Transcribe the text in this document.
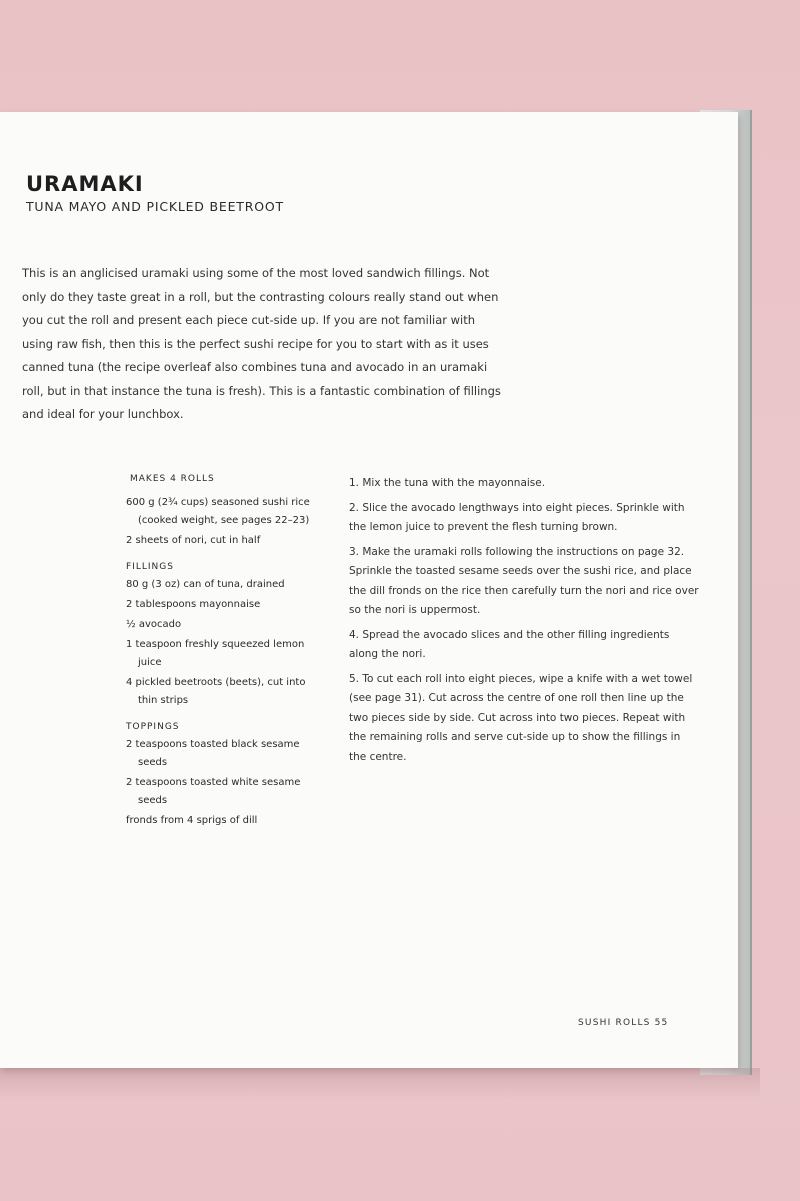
URAMAKI
TUNA MAYO AND PICKLED BEETROOT
This is an anglicised uramaki using some of the most loved sandwich fillings. Not only do they taste great in a roll, but the contrasting colours really stand out when you cut the roll and present each piece cut-side up. If you are not familiar with using raw fish, then this is the perfect sushi recipe for you to start with as it uses canned tuna (the recipe overleaf also combines tuna and avocado in an uramaki roll, but in that instance the tuna is fresh). This is a fantastic combination of fillings and ideal for your lunchbox.
MAKES 4 ROLLS
600 g (2¾ cups) seasoned sushi rice (cooked weight, see pages 22–23)
2 sheets of nori, cut in half
FILLINGS
80 g (3 oz) can of tuna, drained
2 tablespoons mayonnaise
½ avocado
1 teaspoon freshly squeezed lemon juice
4 pickled beetroots (beets), cut into thin strips
TOPPINGS
2 teaspoons toasted black sesame seeds
2 teaspoons toasted white sesame seeds
fronds from 4 sprigs of dill
1. Mix the tuna with the mayonnaise.
2. Slice the avocado lengthways into eight pieces. Sprinkle with the lemon juice to prevent the flesh turning brown.
3. Make the uramaki rolls following the instructions on page 32. Sprinkle the toasted sesame seeds over the sushi rice, and place the dill fronds on the rice then carefully turn the nori and rice over so the nori is uppermost.
4. Spread the avocado slices and the other filling ingredients along the nori.
5. To cut each roll into eight pieces, wipe a knife with a wet towel (see page 31). Cut across the centre of one roll then line up the two pieces side by side. Cut across into two pieces. Repeat with the remaining rolls and serve cut-side up to show the fillings in the centre.
SUSHI ROLLS 55
